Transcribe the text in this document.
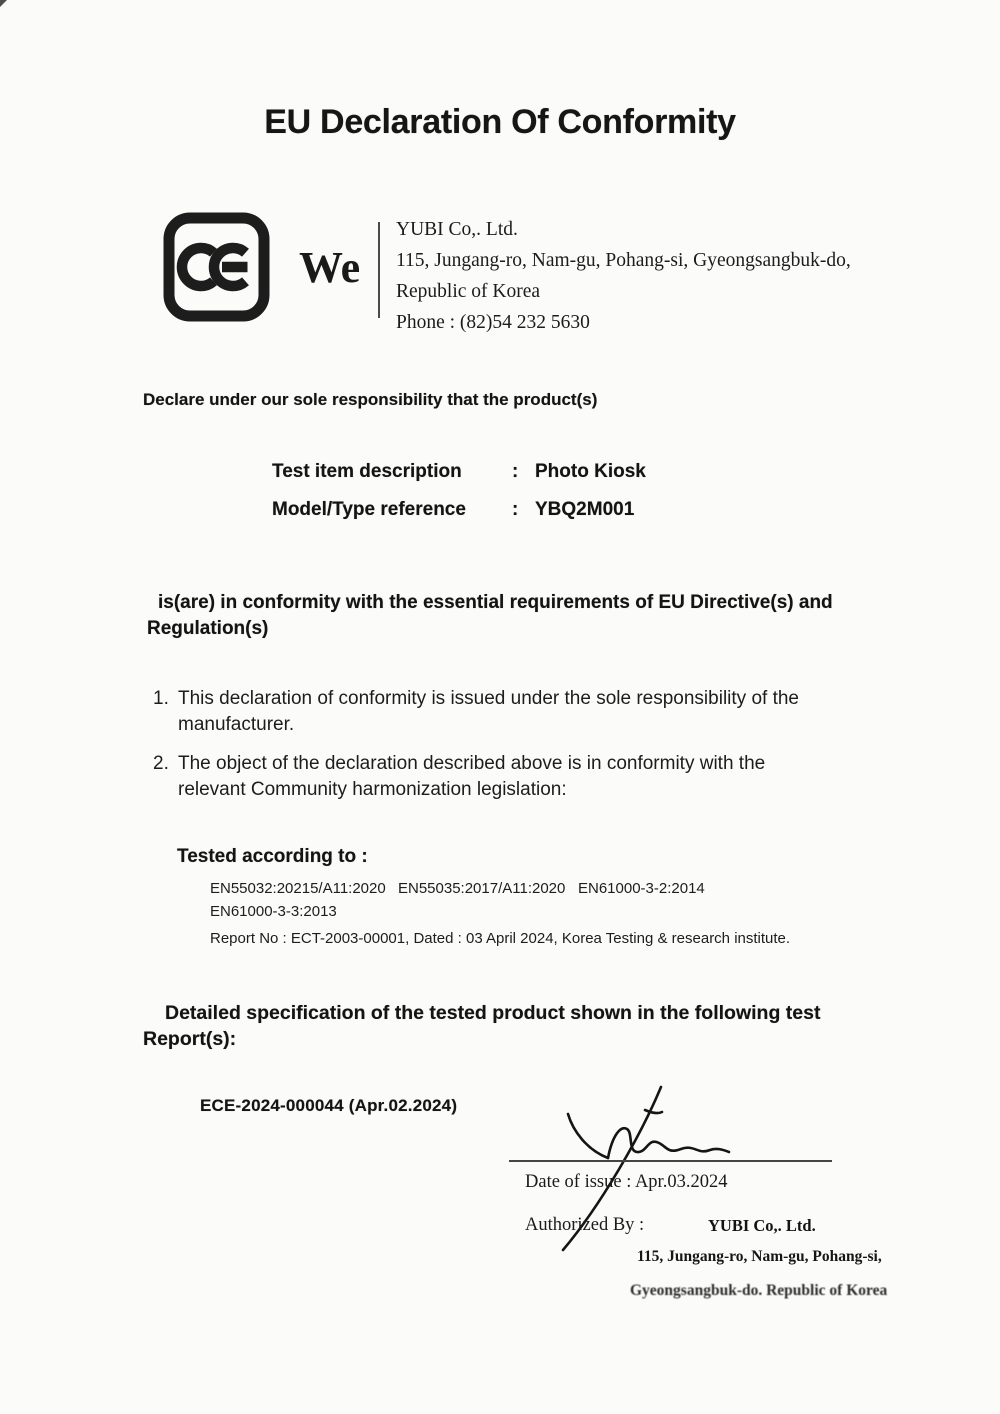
EU Declaration Of Conformity
We
YUBI Co,. Ltd.
115, Jungang-ro, Nam-gu, Pohang-si, Gyeongsangbuk-do,
Republic of Korea
Phone : (82)54 232 5630
Declare under our sole responsibility that the product(s)
Test item description	: Photo Kiosk
Model/Type reference : YBQ2M001
is(are) in conformity with the essential requirements of EU Directive(s) and
Regulation(s)
1. This declaration of conformity is issued under the sole responsibility of the
manufacturer.
2. The object of the declaration described above is in conformity with the
relevant Community harmonization legislation:
Tested according to :
EN55032:20215/A11:2020 EN55035:2017/A11:2020 EN61000-3-2:2014
EN61000-3-3:2013
Report No : ECT-2003-00001, Dated : 03 April 2024, Korea Testing & research institute.
Detailed specification of the tested product shown in the following test
Report(s):
ECE-2024-000044 (Apr.02.2024)
Date of issue : Apr.03.2024
Authorized By :	YUBI Co,. Ltd.
115, Jungang-ro, Nam-gu, Pohang-si,
Gyeongsangbuk-do. Republic of Korea
